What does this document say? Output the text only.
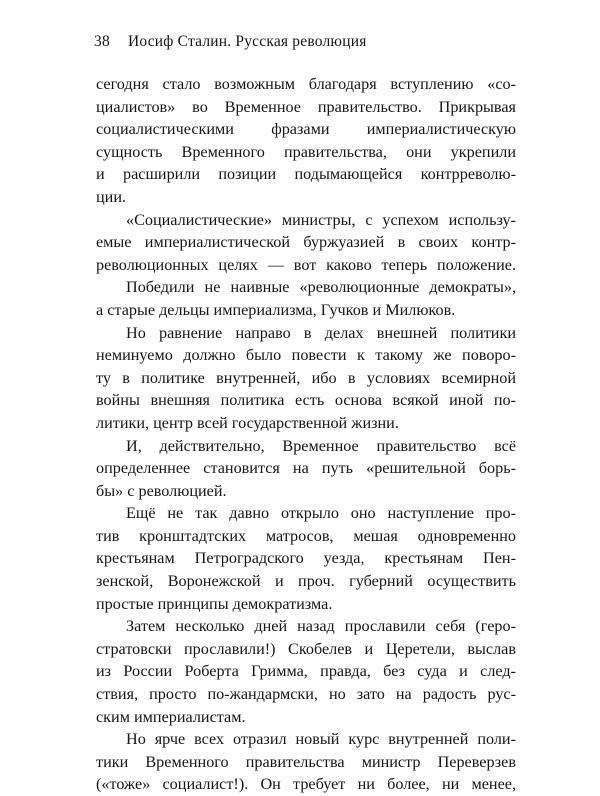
38 Иосиф Сталин. Русская революция
сегодня стало возможным благодаря вступлению «со-
циалистов» во Временное правительство. Прикрывая
социалистическими фразами империалистическую
сущность Временного правительства, они укрепили
и расширили позиции подымающейся контрреволю-
ции.
«Социалистические» министры, с успехом использу-
емые империалистической буржуазией в своих контр-
революционных целях — вот каково теперь положение.
Победили не наивные «революционные демократы»,
а старые дельцы империализма, Гучков и Милюков.
Но равнение направо в делах внешней политики
неминуемо должно было повести к такому же поворо-
ту в политике внутренней, ибо в условиях всемирной
войны внешняя политика есть основа всякой иной по-
литики, центр всей государственной жизни.
И, действительно, Временное правительство всё
определеннее становится на путь «решительной борь-
бы» с революцией.
Ещё не так давно открыло оно наступление про-
тив кронштадтских матросов, мешая одновременно
крестьянам Петроградского уезда, крестьянам Пен-
зенской, Воронежской и проч. губерний осуществить
простые принципы демократизма.
Затем несколько дней назад прославили себя (геро-
стратовски прославили!) Скобелев и Церетели, выслав
из России Роберта Гримма, правда, без суда и след-
ствия, просто по-жандармски, но зато на радость рус-
ским империалистам.
Но ярче всех отразил новый курс внутренней поли-
тики Временного правительства министр Переверзев
(«тоже» социалист!). Он требует ни более, ни менее,
